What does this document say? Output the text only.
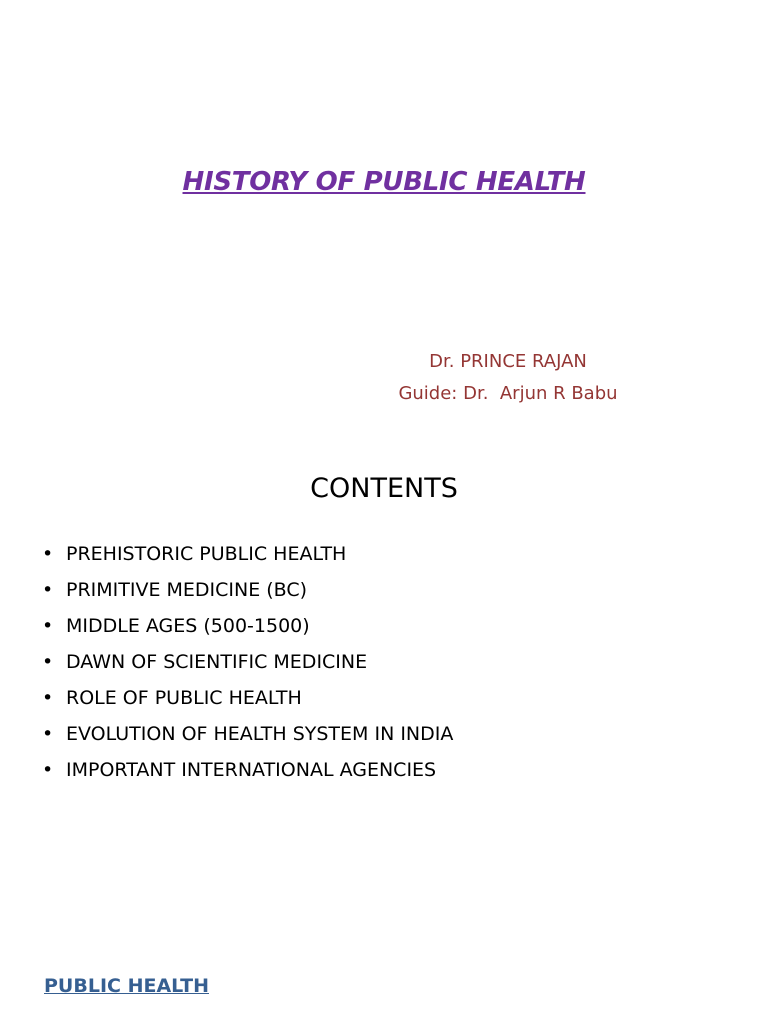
HISTORY OF PUBLIC HEALTH
Dr. PRINCE RAJAN
Guide: Dr.  Arjun R Babu
CONTENTS
• PREHISTORIC PUBLIC HEALTH
• PRIMITIVE MEDICINE (BC)
• MIDDLE AGES (500-1500)
• DAWN OF SCIENTIFIC MEDICINE
• ROLE OF PUBLIC HEALTH
• EVOLUTION OF HEALTH SYSTEM IN INDIA
• IMPORTANT INTERNATIONAL AGENCIES
PUBLIC HEALTH
